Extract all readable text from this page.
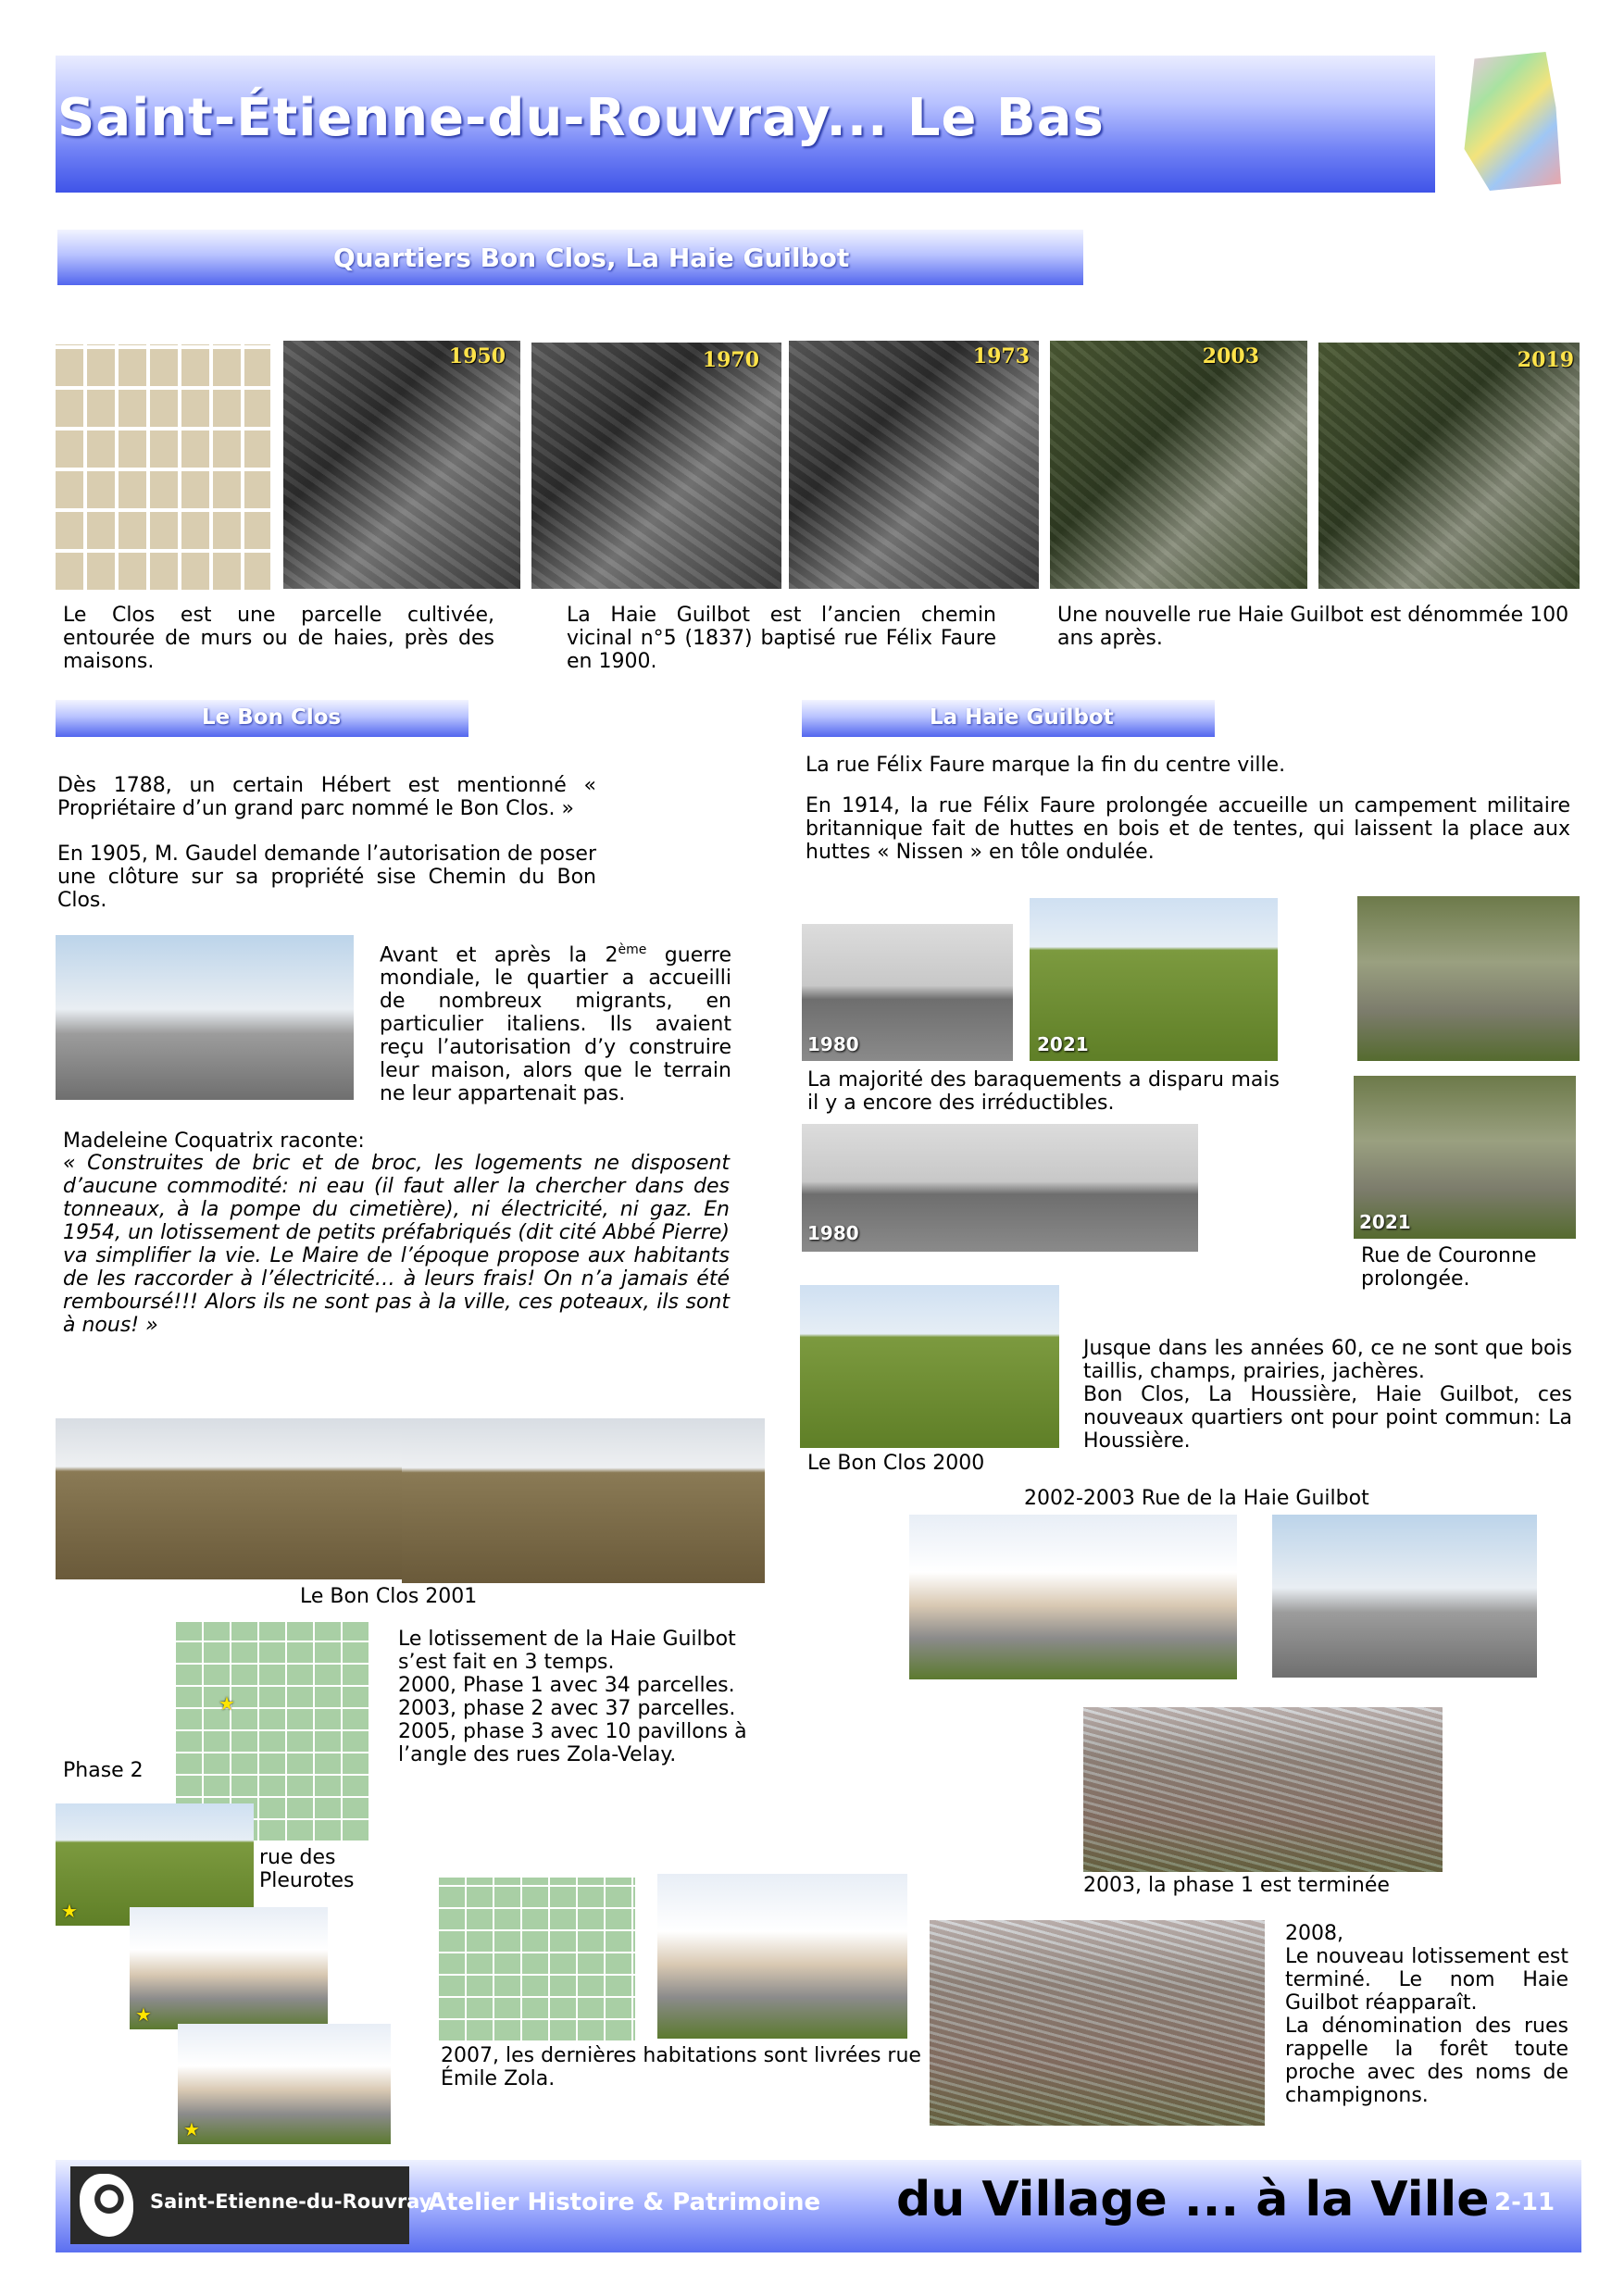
Saint-Étienne-du-Rouvray... Le Bas
Quartiers Bon Clos, La Haie Guilbot
1950	1970	1973	2003	2019
Le Clos est une parcelle cultivée, entourée de murs ou de haies, près des maisons.
La Haie Guilbot est l’ancien chemin vicinal n°5 (1837) baptisé rue Félix Faure en 1900.
Une nouvelle rue Haie Guilbot est dénommée 100 ans après.
Le Bon Clos
Dès 1788, un certain Hébert est mentionné « Propriétaire d’un grand parc nommé le Bon Clos. »
En 1905, M. Gaudel demande l’autorisation de poser une clôture sur sa propriété sise Chemin du Bon Clos.
Avant et après la 2ème guerre mondiale, le quartier a accueilli de nombreux migrants, en particulier italiens. Ils avaient reçu l’autorisation d’y construire leur maison, alors que le terrain ne leur appartenait pas.
Madeleine Coquatrix raconte:
« Construites de bric et de broc, les logements ne disposent d’aucune commodité: ni eau (il faut aller la chercher dans des tonneaux, à la pompe du cimetière), ni électricité, ni gaz. En 1954, un lotissement de petits préfabriqués (dit cité Abbé Pierre) va simplifier la vie. Le Maire de l’époque propose aux habitants de les raccorder à l’électricité… à leurs frais! On n’a jamais été remboursé!!! Alors ils ne sont pas à la ville, ces poteaux, ils sont à nous! »
Le Bon Clos 2001
★
Le lotissement de la Haie Guilbot s’est fait en 3 temps.
2000, Phase 1 avec 34 parcelles.
2003, phase 2 avec 37 parcelles.
2005, phase 3 avec 10 pavillons à l’angle des rues Zola-Velay.
Phase 2
★
rue des Pleurotes
★
★
2007, les dernières habitations sont livrées rue Émile Zola.
La Haie Guilbot
La rue Félix Faure marque la fin du centre ville.
En 1914, la rue Félix Faure prolongée accueille un campement militaire britannique fait de huttes en bois et de tentes, qui laissent la place aux huttes « Nissen » en tôle ondulée.
1980	2021
La majorité des baraquements a disparu mais il y a encore des irréductibles.
1980	2021
Rue de Couronne prolongée.
Jusque dans les années 60, ce ne sont que bois taillis, champs, prairies, jachères.
Bon Clos, La Houssière, Haie Guilbot, ces nouveaux quartiers ont pour point commun: La Houssière.
Le Bon Clos 2000
2002-2003 Rue de la Haie Guilbot
2003, la phase 1 est terminée
2008,
Le nouveau lotissement est terminé. Le nom Haie Guilbot réapparaît.
La dénomination des rues rappelle la forêt toute proche avec des noms de champignons.
Saint-Etienne-du-Rouvray
Atelier Histoire & Patrimoine du Village ... à la Ville 2-11
